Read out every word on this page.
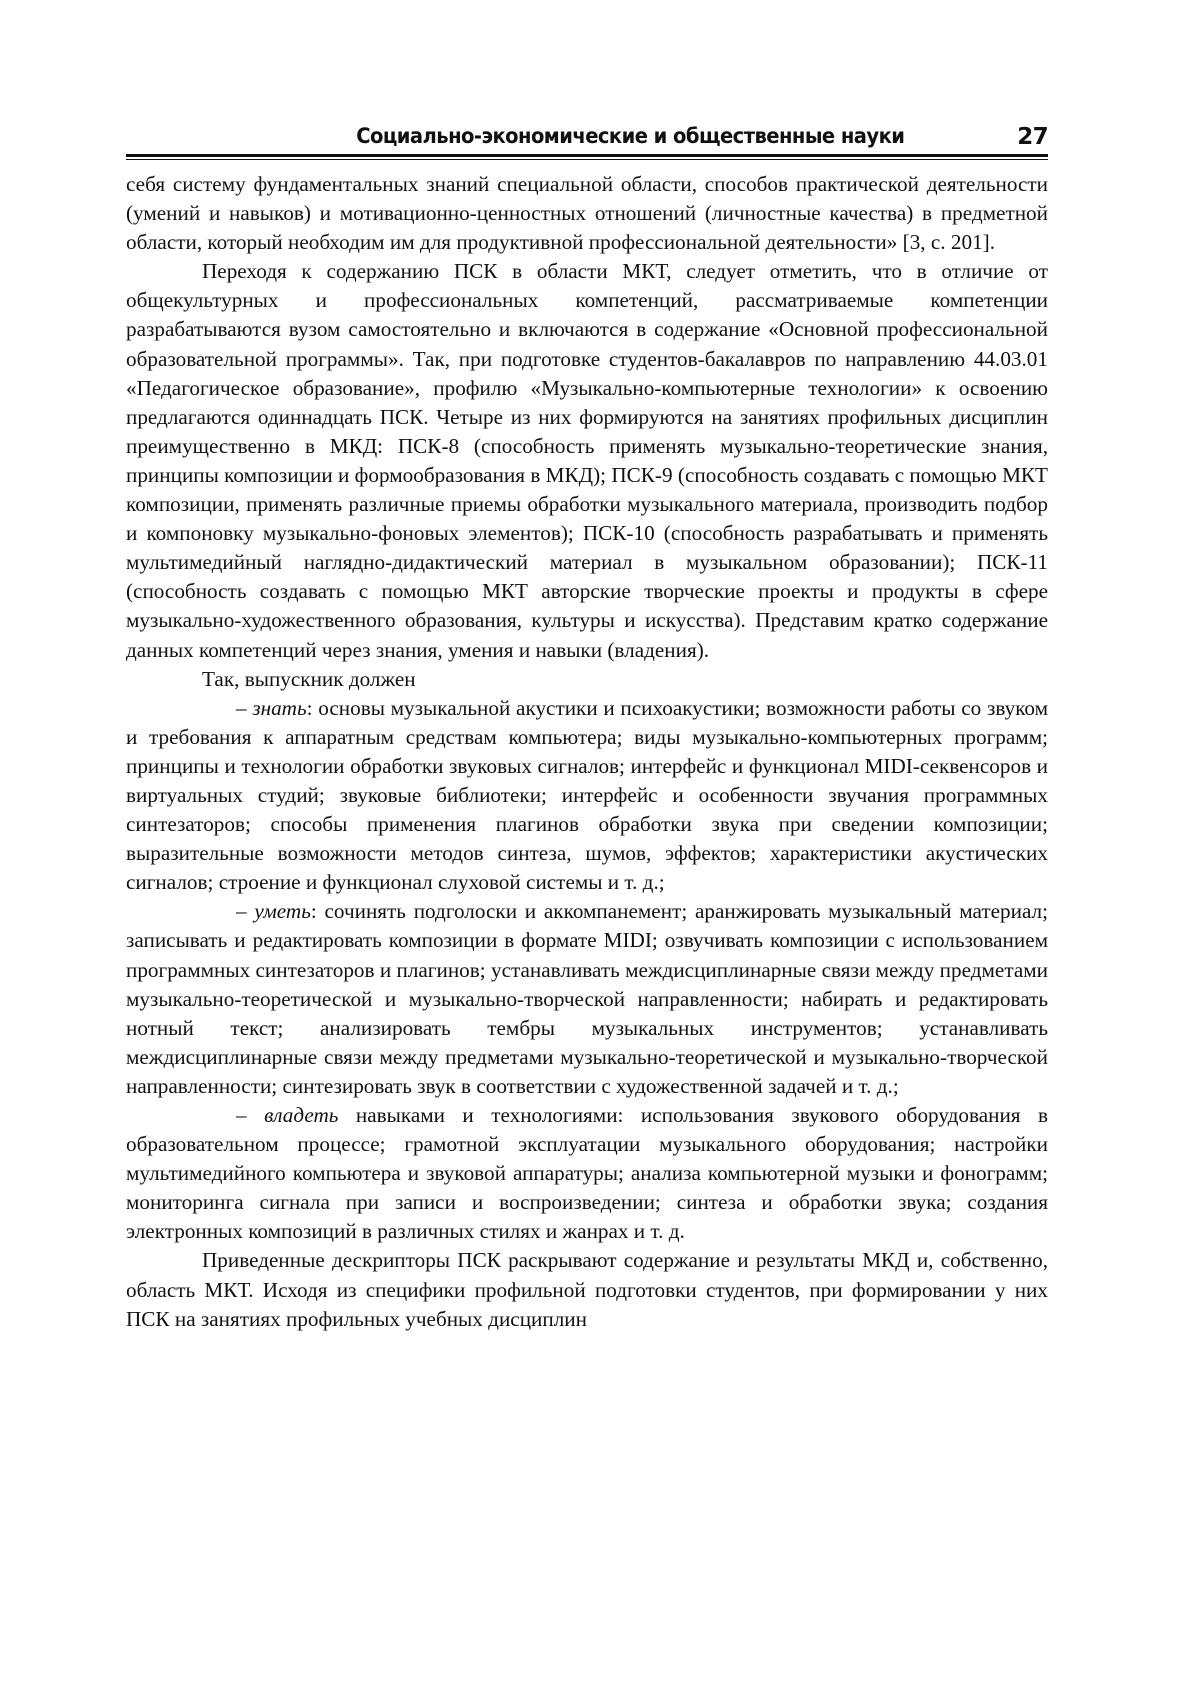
Социально-экономические и общественные науки	27

себя систему фундаментальных знаний специальной области, способов практической деятельности (умений и навыков) и мотивационно-ценностных отношений (личностные качества) в предметной области, который необходим им для продуктивной профессиональной деятельности» [3, с. 201].

Переходя к содержанию ПСК в области МКТ, следует отметить, что в отличие от общекультурных и профессиональных компетенций, рассматриваемые компетенции разрабатываются вузом самостоятельно и включаются в содержание «Основной профессиональной образовательной программы». Так, при подготовке студентов-бакалавров по направлению 44.03.01 «Педагогическое образование», профилю «Музыкально-компьютерные технологии» к освоению предлагаются одиннадцать ПСК. Четыре из них формируются на занятиях профильных дисциплин преимущественно в МКД: ПСК-8 (способность применять музыкально-теоретические знания, принципы композиции и формообразования в МКД); ПСК-9 (способность создавать с помощью МКТ композиции, применять различные приемы обработки музыкального материала, производить подбор и компоновку музыкально-фоновых элементов); ПСК-10 (способность разрабатывать и применять мультимедийный наглядно-дидактический материал в музыкальном образовании); ПСК-11 (способность создавать с помощью МКТ авторские творческие проекты и продукты в сфере музыкально-художественного образования, культуры и искусства). Представим кратко содержание данных компетенций через знания, умения и навыки (владения).

Так, выпускник должен

– знать: основы музыкальной акустики и психоакустики; возможности работы со звуком и требования к аппаратным средствам компьютера; виды музыкально-компьютерных программ; принципы и технологии обработки звуковых сигналов; интерфейс и функционал MIDI-секвенсоров и виртуальных студий; звуковые библиотеки; интерфейс и особенности звучания программных синтезаторов; способы применения плагинов обработки звука при сведении композиции; выразительные возможности методов синтеза, шумов, эффектов; характеристики акустических сигналов; строение и функционал слуховой системы и т. д.;

– уметь: сочинять подголоски и аккомпанемент; аранжировать музыкальный материал; записывать и редактировать композиции в формате MIDI; озвучивать композиции с использованием программных синтезаторов и плагинов; устанавливать междисциплинарные связи между предметами музыкально-теоретической и музыкально-творческой направленности; набирать и редактировать нотный текст; анализировать тембры музыкальных инструментов; устанавливать междисциплинарные связи между предметами музыкально-теоретической и музыкально-творческой направленности; синтезировать звук в соответствии с художественной задачей и т. д.;

– владеть навыками и технологиями: использования звукового оборудования в образовательном процессе; грамотной эксплуатации музыкального оборудования; настройки мультимедийного компьютера и звуковой аппаратуры; анализа компьютерной музыки и фонограмм; мониторинга сигнала при записи и воспроизведении; синтеза и обработки звука; создания электронных композиций в различных стилях и жанрах и т. д.

Приведенные дескрипторы ПСК раскрывают содержание и результаты МКД и, собственно, область МКТ. Исходя из специфики профильной подготовки студентов, при формировании у них ПСК на занятиях профильных учебных дисциплин
